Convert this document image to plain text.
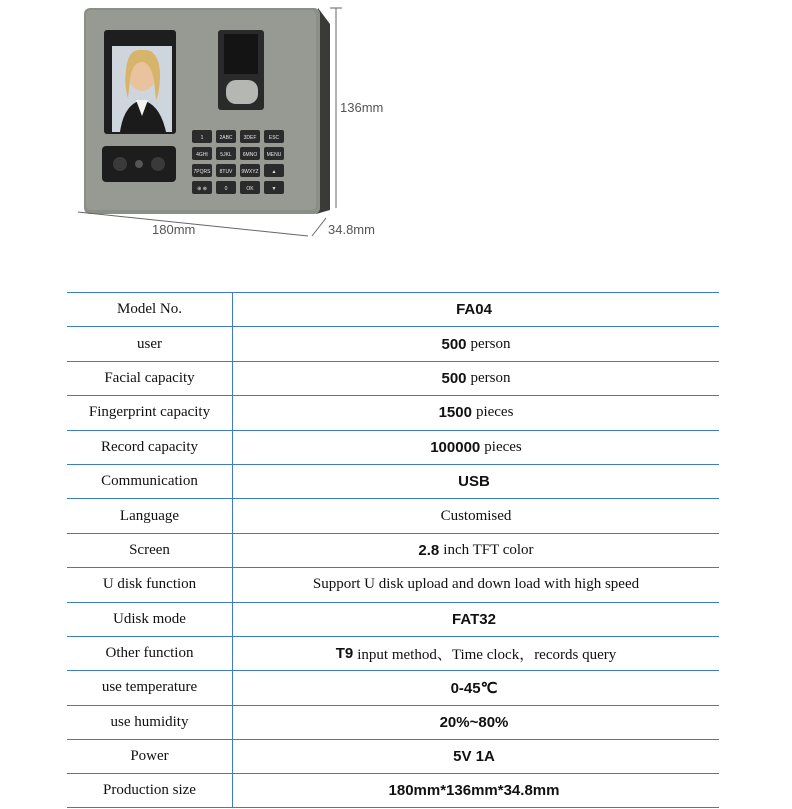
1	2ABC 3DEF ESC
4GHI 5JKL 6MNO MENU
7PQRS 8TUV 9WXYZ	▲
⊕ ⊗	0	OK	▼
136mm
180mm	34.8mm
Model No.	FA04
user	500 person
Facial capacity	500 person
Fingerprint capacity	1500 pieces
Record capacity	100000 pieces
Communication	USB
Language	Customised
Screen	2.8 inch TFT color
U disk function	Support U disk upload and down load with high speed
Udisk mode	FAT32
Other function	T9 input method、Time clock，records query
use temperature	0-45℃
use humidity	20%~80%
Power	5V 1A
Production size	180mm*136mm*34.8mm
